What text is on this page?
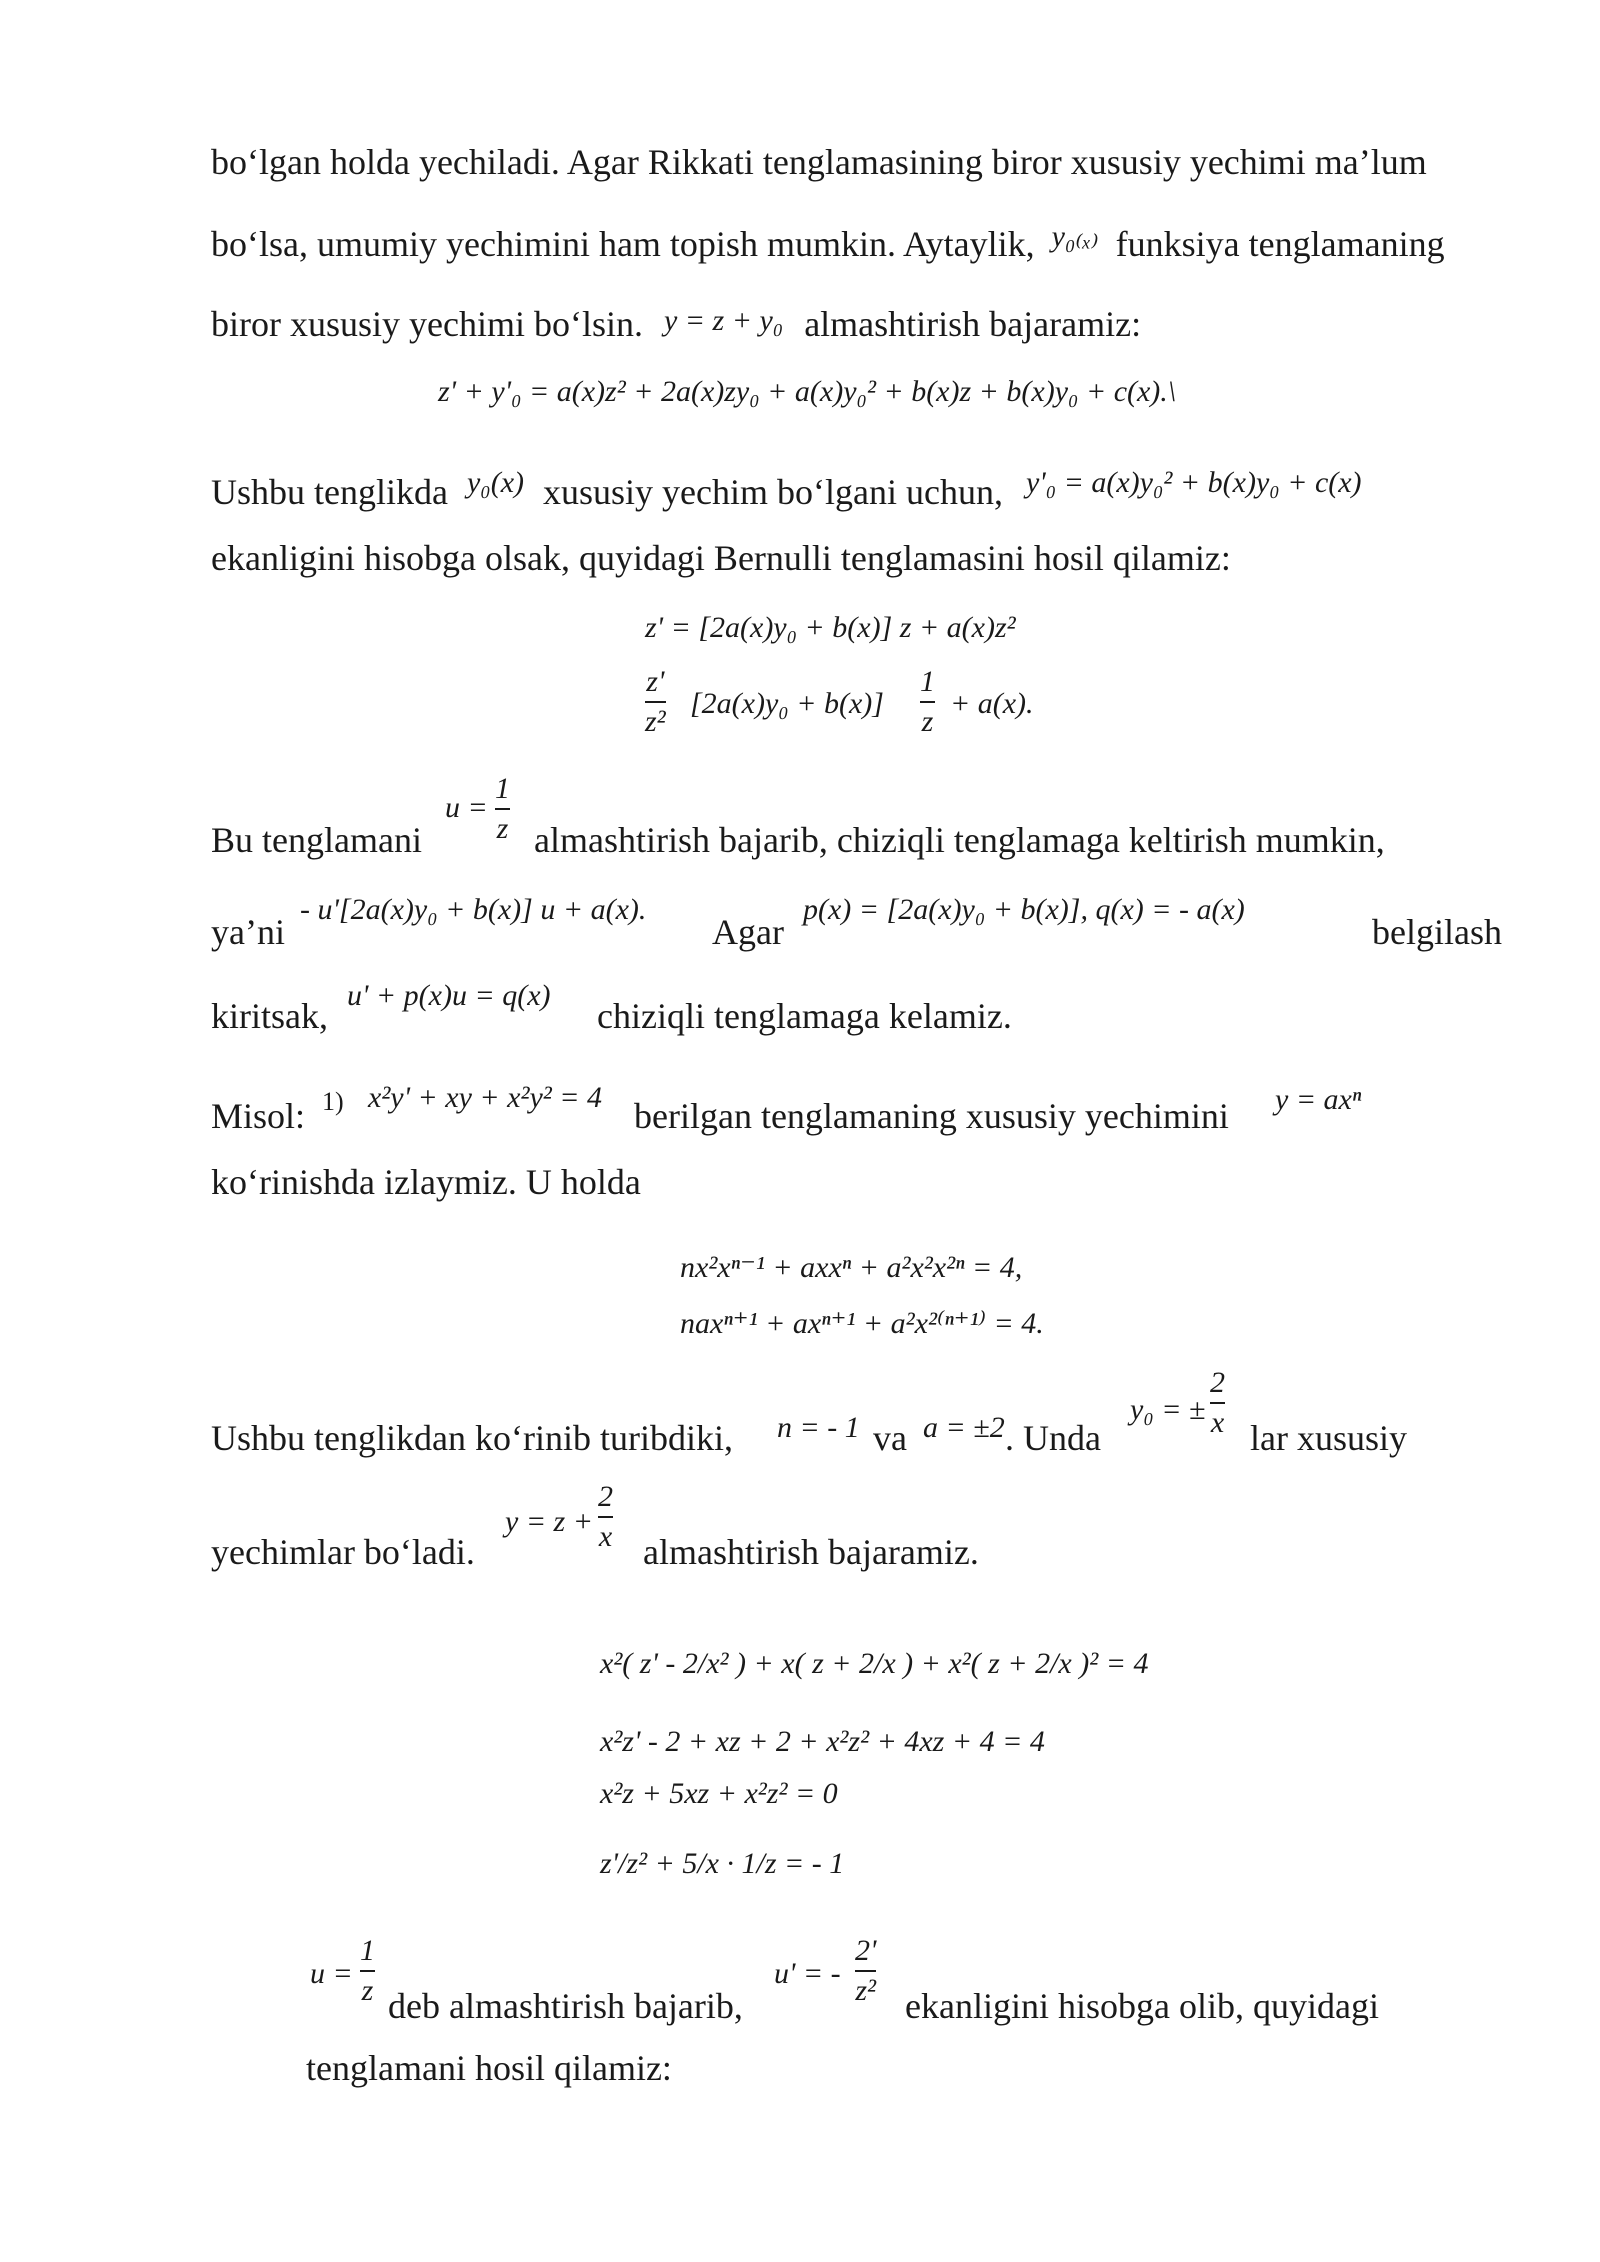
bo‘lgan holda yechiladi. Agar Rikkati tenglamasining biror xususiy yechimi ma’lum
bo‘lsa, umumiy yechimini ham topish mumkin. Aytaylik, $^{y_{0(x)}}$ funksiya tenglamaning
biror xususiy yechimi bo‘lsin. y = z + y₀ almashtirish bajaramiz:
z' + y'₀ = a(x)z² + 2a(x)zy₀ + a(x)y₀² + b(x)z + b(x)y₀ + c(x).\
Ushbu tenglikda $^{y_0(x)}$ xususiy yechim bo‘lgani uchun, $^{y'_0 = a(x)y_0^2 + b(x)y_0 + c(x)}$
ekanligini hisobga olsak, quyidagi Bernulli tenglamasini hosil qilamiz:
z' = [2a(x)y₀ + b(x)] z + a(x)z²
z'
z²
[2a(x)y₀ + b(x)]
1
z
+ a(x).
Bu tenglamani
u =
1
z almashtirish bajarib, chiziqli tenglamaga keltirish mumkin,
ya’ni
- u'[2a(x)y₀ + b(x)] u + a(x).
Agar
p(x) = [2a(x)y₀ + b(x)], q(x) = - a(x)
belgilash
kiritsak,
u' + p(x)u = q(x)
chiziqli tenglamaga kelamiz.
Misol: 1) x²y' + xy + x²y² = 4 berilgan tenglamaning xususiy yechimini y = axⁿ
ko‘rinishda izlaymiz. U holda
nx²xⁿ⁻¹ + axxⁿ + a²x²x²ⁿ = 4,
naxⁿ⁺¹ + axⁿ⁺¹ + a²x²⁽ⁿ⁺¹⁾ = 4.
Ushbu tenglikdan ko‘rinib turibdiki, n = - 1 va a = ±2 . Unda
y₀ = ±
2
x lar xususiy
yechimlar bo‘ladi.
y = z +
2
x almashtirish bajaramiz.
x²( z' - 2/x² ) + x( z + 2/x ) + x²( z + 2/x )² = 4
x²z' - 2 + xz + 2 + x²z² + 4xz + 4 = 4
x²z + 5xz + x²z² = 0
z'/z² + 5/x · 1/z = - 1
u =
1
z deb almashtirish bajarib,
u' = -
2'
z² ekanligini hisobga olib, quyidagi
tenglamani hosil qilamiz:
